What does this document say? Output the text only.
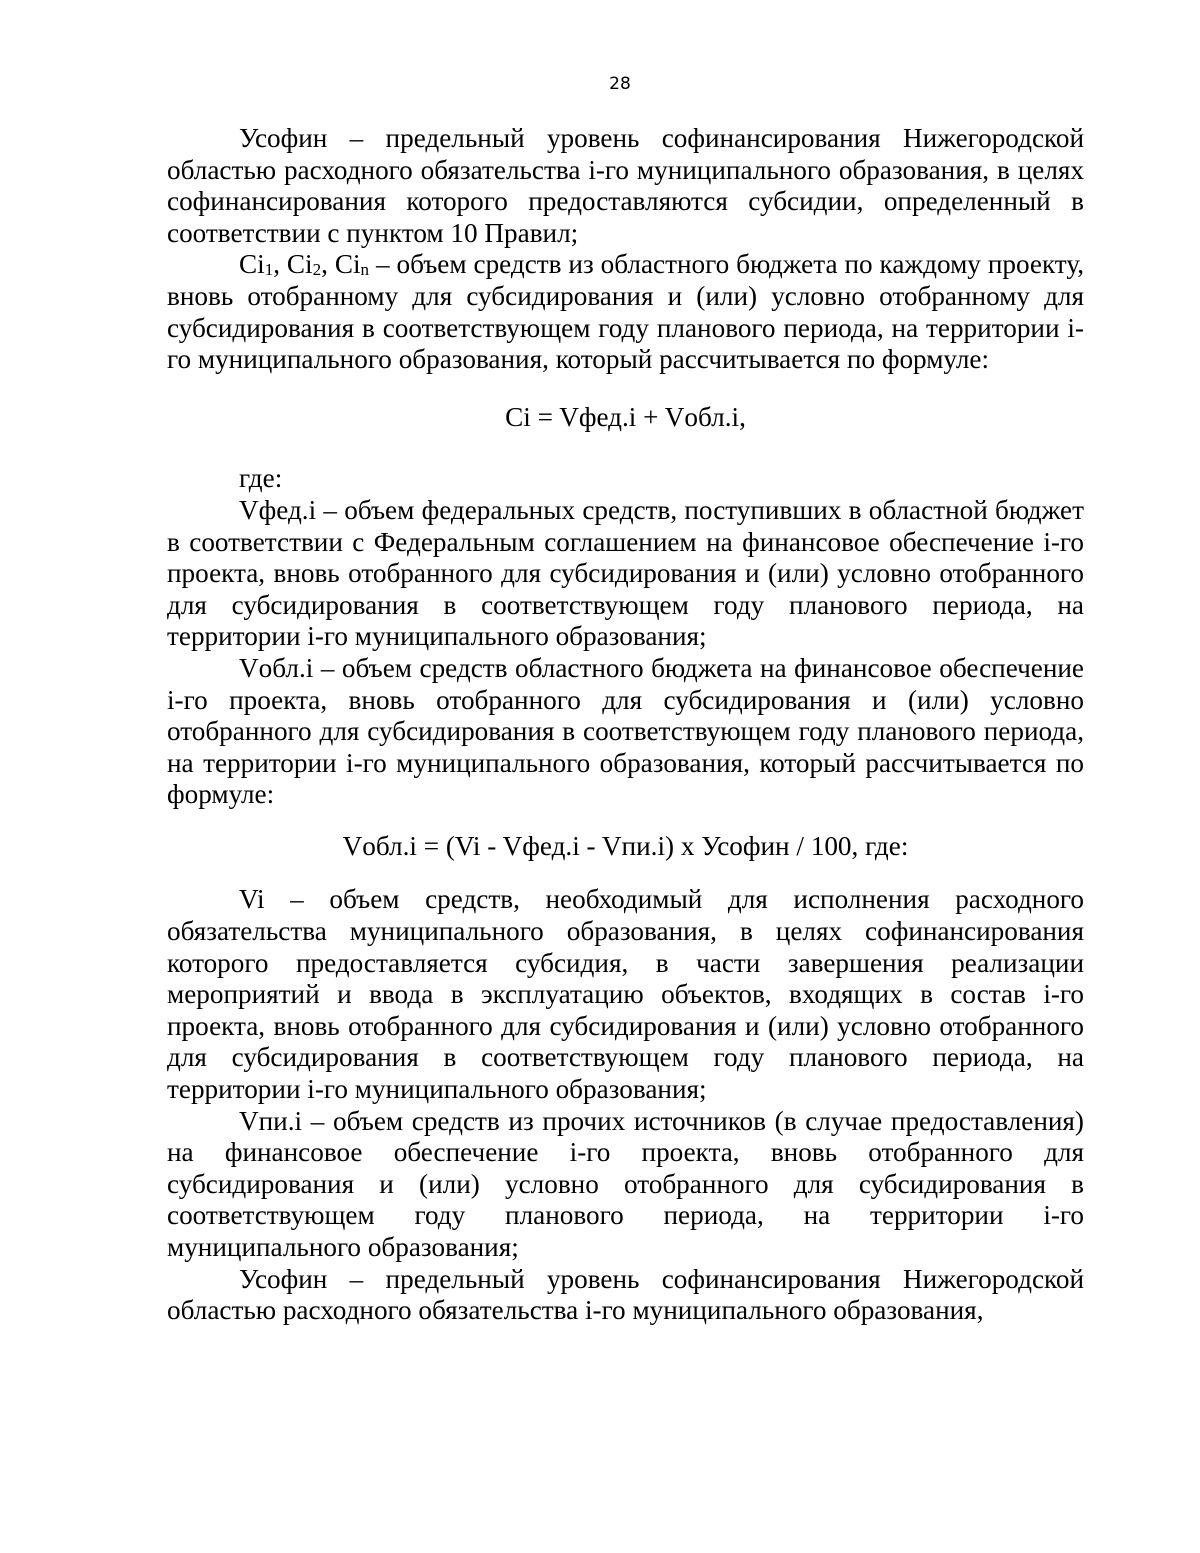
28

Усофин – предельный уровень софинансирования Нижегородской областью расходного обязательства i-го муниципального образования, в целях софинансирования которого предоставляются субсидии, определенный в соответствии с пунктом 10 Правил;

$Ci_1$, $Ci_2$, $Ci_n$ – объем средств из областного бюджета по каждому проекту, вновь отобранному для субсидирования и (или) условно отобранному для субсидирования в соответствующем году планового периода, на территории i-го муниципального образования, который рассчитывается по формуле:

Ci = Vфед.i + Vобл.i,

где:

Vфед.i – объем федеральных средств, поступивших в областной бюджет в соответствии с Федеральным соглашением на финансовое обеспечение i-го проекта, вновь отобранного для субсидирования и (или) условно отобранного для субсидирования в соответствующем году планового периода, на территории i-го муниципального образования;

Vобл.i – объем средств областного бюджета на финансовое обеспечение i-го проекта, вновь отобранного для субсидирования и (или) условно отобранного для субсидирования в соответствующем году планового периода, на территории i-го муниципального образования, который рассчитывается по формуле:

Vобл.i = (Vi - Vфед.i - Vпи.i) x Усофин / 100, где:

Vi – объем средств, необходимый для исполнения расходного обязательства муниципального образования, в целях софинансирования которого предоставляется субсидия, в части завершения реализации мероприятий и ввода в эксплуатацию объектов, входящих в состав i-го проекта, вновь отобранного для субсидирования и (или) условно отобранного для субсидирования в соответствующем году планового периода, на территории i-го муниципального образования;

Vпи.i – объем средств из прочих источников (в случае предоставления) на финансовое обеспечение i-го проекта, вновь отобранного для субсидирования и (или) условно отобранного для субсидирования в соответствующем году планового периода, на территории i-го муниципального образования;

Усофин – предельный уровень софинансирования Нижегородской областью расходного обязательства i-го муниципального образования,
